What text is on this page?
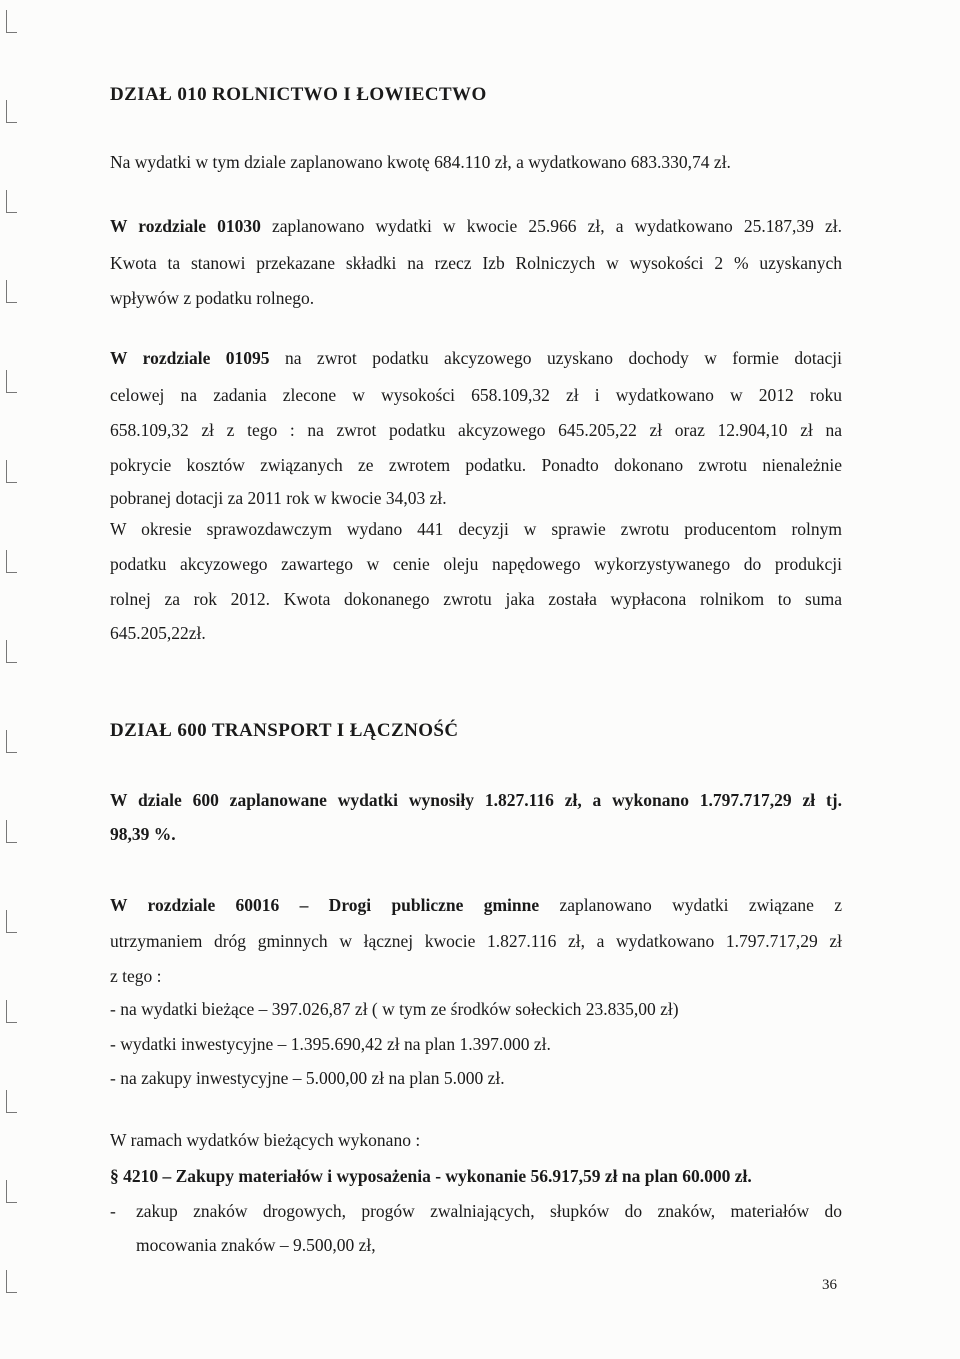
DZIAŁ 010 ROLNICTWO I ŁOWIECTWO
Na wydatki w tym dziale zaplanowano kwotę 684.110 zł, a wydatkowano 683.330,74 zł.
W rozdziale 01030 zaplanowano wydatki w kwocie 25.966 zł, a wydatkowano 25.187,39 zł.
Kwota ta stanowi przekazane składki na rzecz Izb Rolniczych w wysokości 2 % uzyskanych
wpływów z podatku rolnego.
W rozdziale 01095 na zwrot podatku akcyzowego uzyskano dochody w formie dotacji
celowej na zadania zlecone w wysokości 658.109,32 zł i wydatkowano w 2012 roku
658.109,32 zł z tego : na zwrot podatku akcyzowego 645.205,22 zł oraz 12.904,10 zł na
pokrycie kosztów związanych ze zwrotem podatku. Ponadto dokonano zwrotu nienależnie
pobranej dotacji za 2011 rok w kwocie 34,03 zł.
W okresie sprawozdawczym wydano 441 decyzji w sprawie zwrotu producentom rolnym
podatku akcyzowego zawartego w cenie oleju napędowego wykorzystywanego do produkcji
rolnej za rok 2012. Kwota dokonanego zwrotu jaka została wypłacona rolnikom to suma
645.205,22zł.
DZIAŁ 600 TRANSPORT I ŁĄCZNOŚĆ
W dziale 600 zaplanowane wydatki wynosiły 1.827.116 zł, a wykonano 1.797.717,29 zł tj.
98,39 %.
W rozdziale 60016 – Drogi publiczne gminne zaplanowano wydatki związane z
utrzymaniem dróg gminnych w łącznej kwocie 1.827.116 zł, a wydatkowano 1.797.717,29 zł
z tego :
- na wydatki bieżące – 397.026,87 zł ( w tym ze środków sołeckich 23.835,00 zł)
- wydatki inwestycyjne – 1.395.690,42 zł na plan 1.397.000 zł.
- na zakupy inwestycyjne – 5.000,00 zł na plan 5.000 zł.
W ramach wydatków bieżących wykonano :
§ 4210 – Zakupy materiałów i wyposażenia - wykonanie 56.917,59 zł na plan 60.000 zł.
- zakup znaków drogowych, progów zwalniających, słupków do znaków, materiałów do
mocowania znaków – 9.500,00 zł,
36
